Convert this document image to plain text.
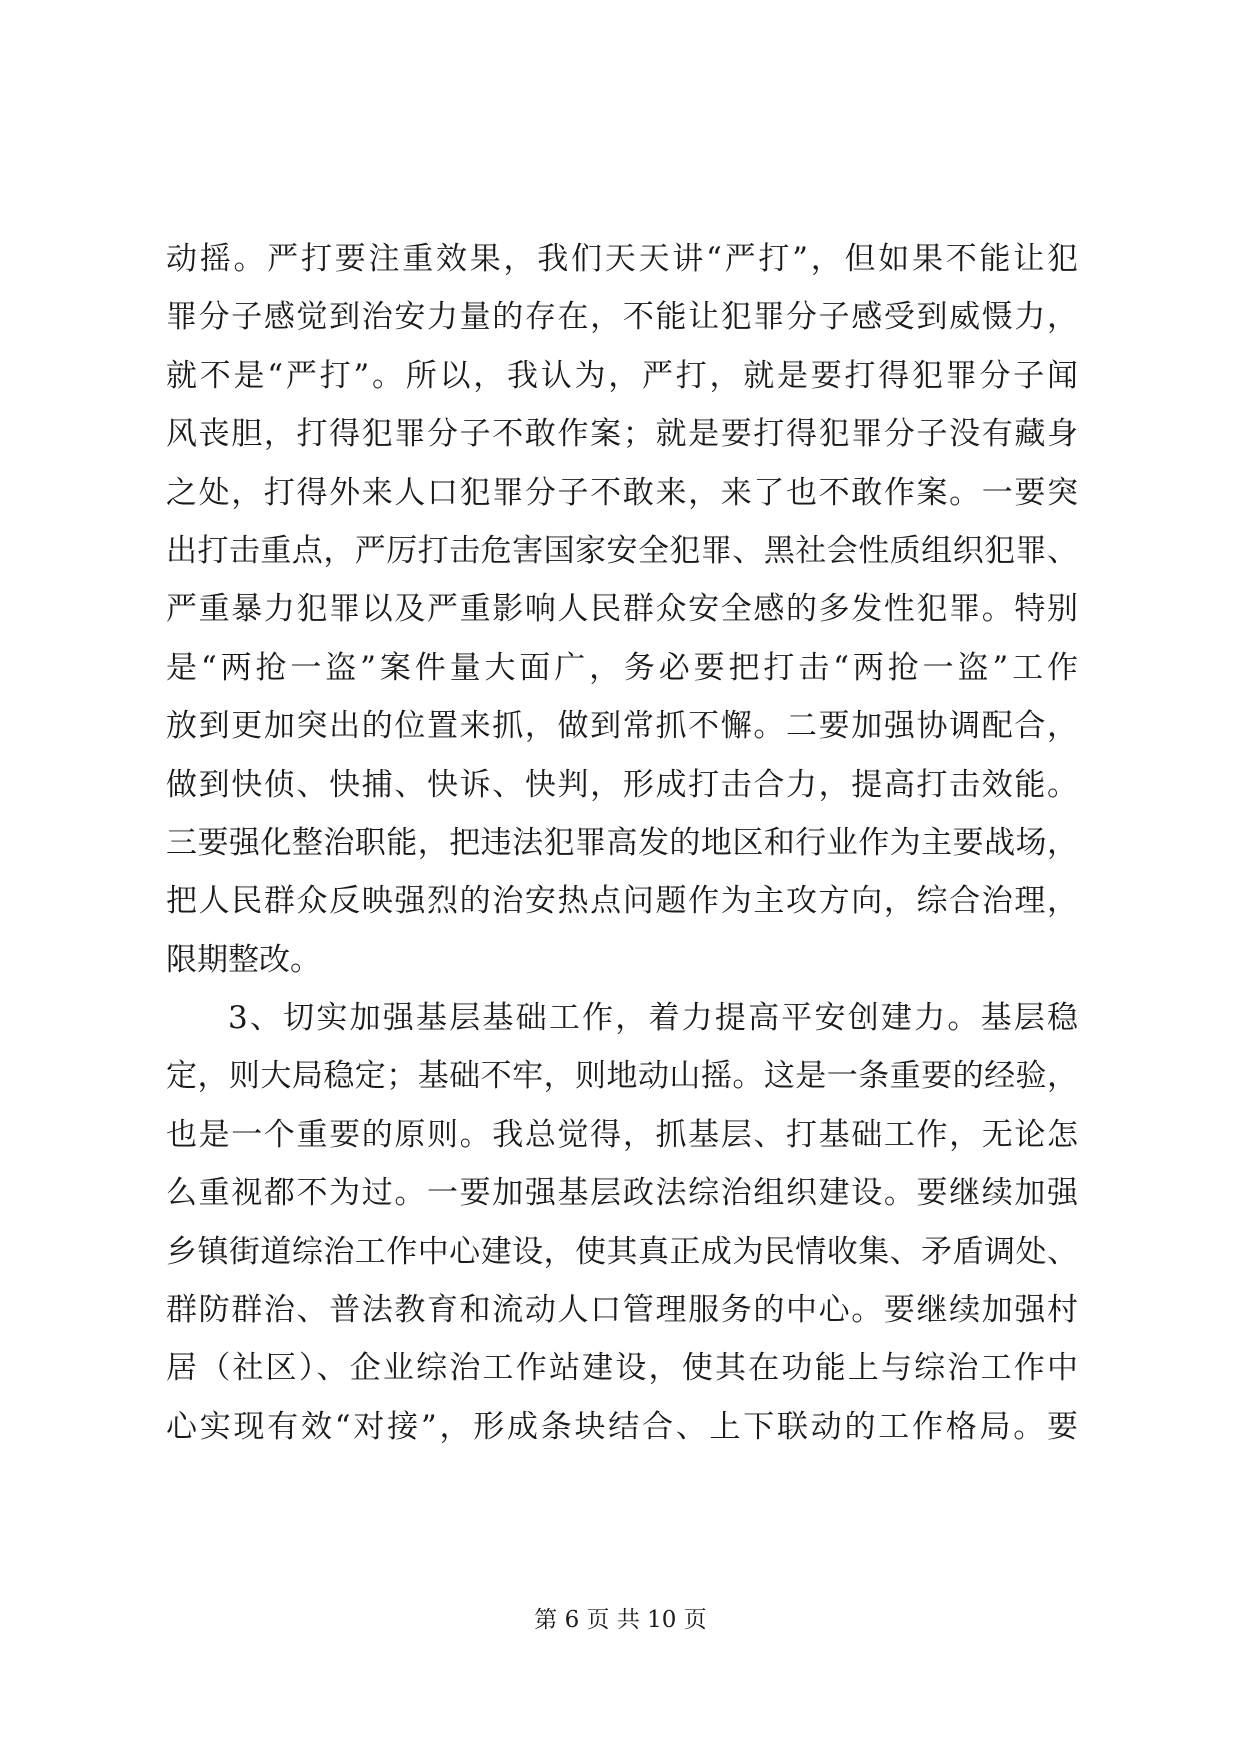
动摇。严打要注重效果，我们天天讲“严打”，但如果不能让犯
罪分子感觉到治安力量的存在，不能让犯罪分子感受到威慑力，
就不是“严打”。所以，我认为，严打，就是要打得犯罪分子闻
风丧胆，打得犯罪分子不敢作案；就是要打得犯罪分子没有藏身
之处，打得外来人口犯罪分子不敢来，来了也不敢作案。一要突
出打击重点，严厉打击危害国家安全犯罪、黑社会性质组织犯罪、
严重暴力犯罪以及严重影响人民群众安全感的多发性犯罪。特别
是“两抢一盗”案件量大面广，务必要把打击“两抢一盗”工作
放到更加突出的位置来抓，做到常抓不懈。二要加强协调配合，
做到快侦、快捕、快诉、快判，形成打击合力，提高打击效能。
三要强化整治职能，把违法犯罪高发的地区和行业作为主要战场，
把人民群众反映强烈的治安热点问题作为主攻方向，综合治理，
限期整改。
3、切实加强基层基础工作，着力提高平安创建力。基层稳
定，则大局稳定；基础不牢，则地动山摇。这是一条重要的经验，
也是一个重要的原则。我总觉得，抓基层、打基础工作，无论怎
么重视都不为过。一要加强基层政法综治组织建设。要继续加强
乡镇街道综治工作中心建设，使其真正成为民情收集、矛盾调处、
群防群治、普法教育和流动人口管理服务的中心。要继续加强村
居（社区）、企业综治工作站建设，使其在功能上与综治工作中
心实现有效“对接”，形成条块结合、上下联动的工作格局。要
第 6 页 共 10 页
